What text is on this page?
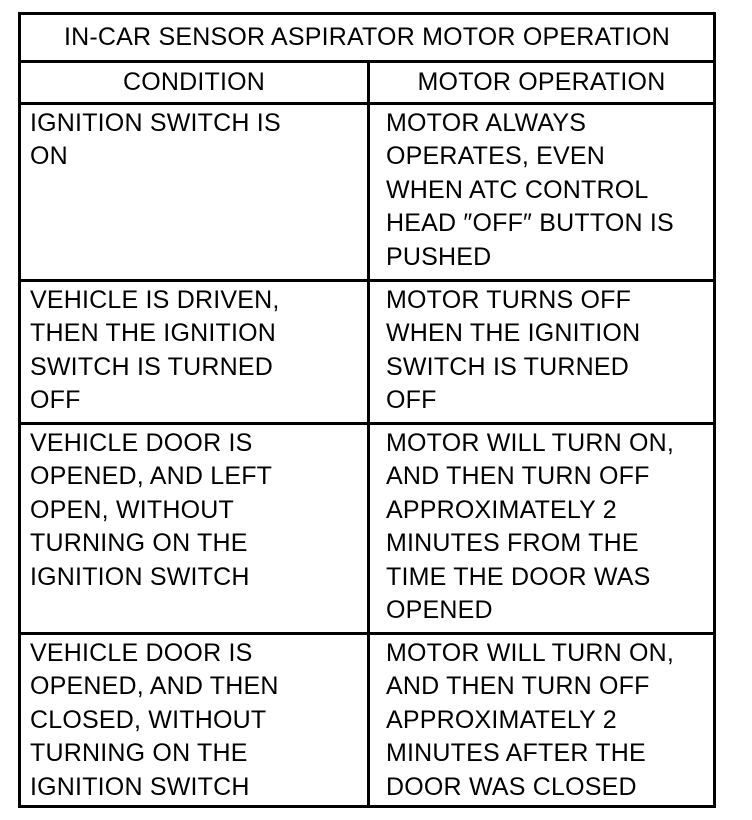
IN-CAR SENSOR ASPIRATOR MOTOR OPERATION
CONDITION	MOTOR OPERATION
IGNITION SWITCH IS
ON
MOTOR ALWAYS
OPERATES, EVEN
WHEN ATC CONTROL
HEAD ″OFF″ BUTTON IS
PUSHED
VEHICLE IS DRIVEN,
THEN THE IGNITION
SWITCH IS TURNED
OFF
MOTOR TURNS OFF
WHEN THE IGNITION
SWITCH IS TURNED
OFF
VEHICLE DOOR IS
OPENED, AND LEFT
OPEN, WITHOUT
TURNING ON THE
IGNITION SWITCH
MOTOR WILL TURN ON,
AND THEN TURN OFF
APPROXIMATELY 2
MINUTES FROM THE
TIME THE DOOR WAS
OPENED
VEHICLE DOOR IS
OPENED, AND THEN
CLOSED, WITHOUT
TURNING ON THE
IGNITION SWITCH
MOTOR WILL TURN ON,
AND THEN TURN OFF
APPROXIMATELY 2
MINUTES AFTER THE
DOOR WAS CLOSED
